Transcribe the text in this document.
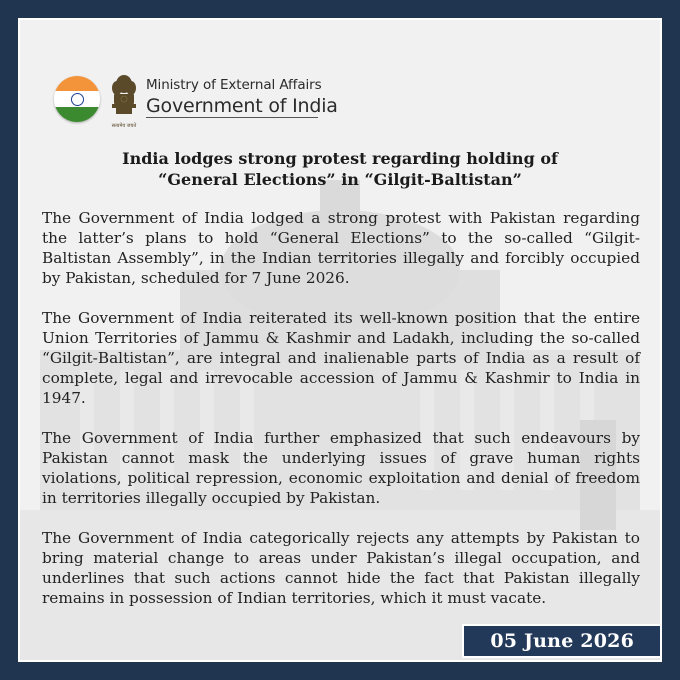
सत्यमेव जयते
Ministry of External Affairs
Government of India
India lodges strong protest regarding holding of
“General Elections” in “Gilgit-Baltistan”

The Government of India lodged a strong protest with Pakistan regarding the latter’s plans to hold “General Elections” to the so-called “Gilgit-Baltistan Assembly”, in the Indian territories illegally and forcibly occupied by Pakistan, scheduled for 7 June 2026.

The Government of India reiterated its well-known position that the entire Union Territories of Jammu & Kashmir and Ladakh, including the so-called “Gilgit-Baltistan”, are integral and inalienable parts of India as a result of complete, legal and irrevocable accession of Jammu & Kashmir to India in 1947.

The Government of India further emphasized that such endeavours by Pakistan cannot mask the underlying issues of grave human rights violations, political repression, economic exploitation and denial of freedom in territories illegally occupied by Pakistan.

The Government of India categorically rejects any attempts by Pakistan to bring material change to areas under Pakistan’s illegal occupation, and underlines that such actions cannot hide the fact that Pakistan illegally remains in possession of Indian territories, which it must vacate.

05 June 2026
